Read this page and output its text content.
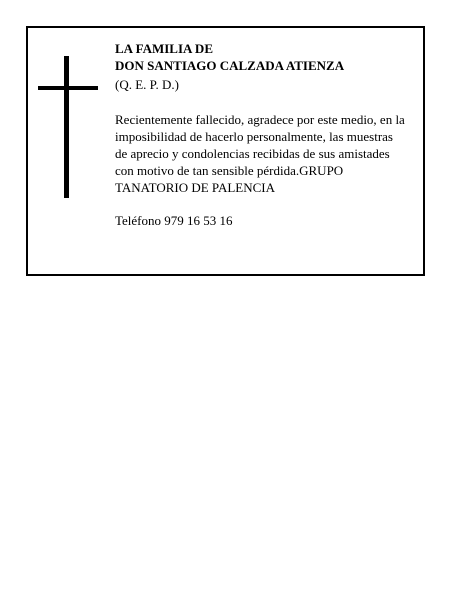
LA FAMILIA DE
DON SANTIAGO CALZADA ATIENZA
(Q. E. P. D.)
Recientemente fallecido, agradece por este medio, en la
imposibilidad de hacerlo personalmente, las muestras
de aprecio y condolencias recibidas de sus amistades
con motivo de tan sensible pérdida.GRUPO
TANATORIO DE PALENCIA
Teléfono 979 16 53 16
